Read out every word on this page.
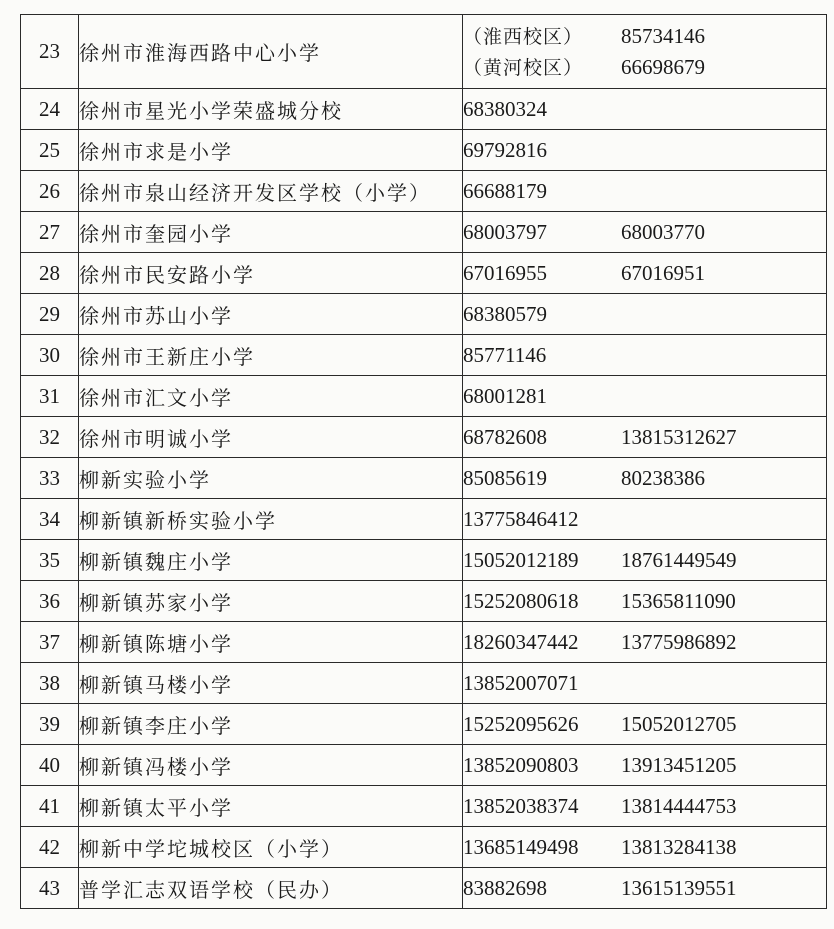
23	徐州市淮海西路中心小学	（淮西校区） 85734146
（黄河校区） 66698679

24	徐州市星光小学荣盛城分校	68380324
25	徐州市求是小学	69792816
26	徐州市泉山经济开发区学校（小学）	66688179
27	徐州市奎园小学	68003797 68003770
28	徐州市民安路小学	67016955 67016951
29	徐州市苏山小学	68380579
30	徐州市王新庄小学	85771146
31	徐州市汇文小学	68001281
32	徐州市明诚小学	68782608 13815312627
33	柳新实验小学	85085619 80238386
34	柳新镇新桥实验小学	13775846412
35	柳新镇魏庄小学	15052012189 18761449549
36	柳新镇苏家小学	15252080618 15365811090
37	柳新镇陈塘小学	18260347442 13775986892
38	柳新镇马楼小学	13852007071
39	柳新镇李庄小学	15252095626 15052012705
40	柳新镇冯楼小学	13852090803 13913451205
41	柳新镇太平小学	13852038374 13814444753
42	柳新中学坨城校区（小学）	13685149498 13813284138
43	普学汇志双语学校（民办）	83882698 13615139551
